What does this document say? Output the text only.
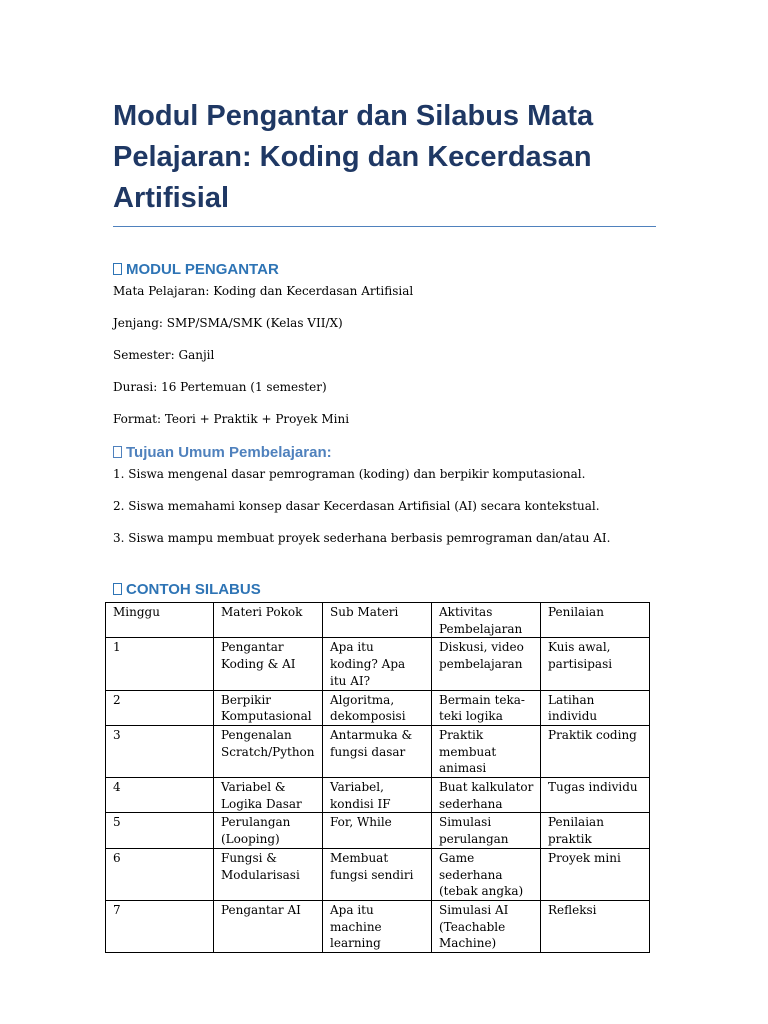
Modul Pengantar dan Silabus Mata Pelajaran: Koding dan Kecerdasan Artifisial
MODUL PENGANTAR

Mata Pelajaran: Koding dan Kecerdasan Artifisial

Jenjang: SMP/SMA/SMK (Kelas VII/X)

Semester: Ganjil

Durasi: 16 Pertemuan (1 semester)

Format: Teori + Praktik + Proyek Mini

Tujuan Umum Pembelajaran:

1. Siswa mengenal dasar pemrograman (koding) dan berpikir komputasional.

2. Siswa memahami konsep dasar Kecerdasan Artifisial (AI) secara kontekstual.

3. Siswa mampu membuat proyek sederhana berbasis pemrograman dan/atau AI.

CONTOH SILABUS
Minggu	Materi Pokok	Sub Materi	Aktivitas Pembelajaran	Penilaian
1	Pengantar Koding & AI	Apa itu koding? Apa itu AI?	Diskusi, video pembelajaran	Kuis awal, partisipasi
2	Berpikir Komputasional	Algoritma, dekomposisi	Bermain teka-teki logika	Latihan individu
3	Pengenalan Scratch/Python	Antarmuka & fungsi dasar	Praktik membuat animasi	Praktik coding
4	Variabel & Logika Dasar	Variabel, kondisi IF	Buat kalkulator sederhana	Tugas individu
5	Perulangan (Looping)	For, While	Simulasi perulangan	Penilaian praktik
6	Fungsi & Modularisasi	Membuat fungsi sendiri	Game sederhana (tebak angka)	Proyek mini
7	Pengantar AI	Apa itu machine learning	Simulasi AI (Teachable Machine)	Refleksi
